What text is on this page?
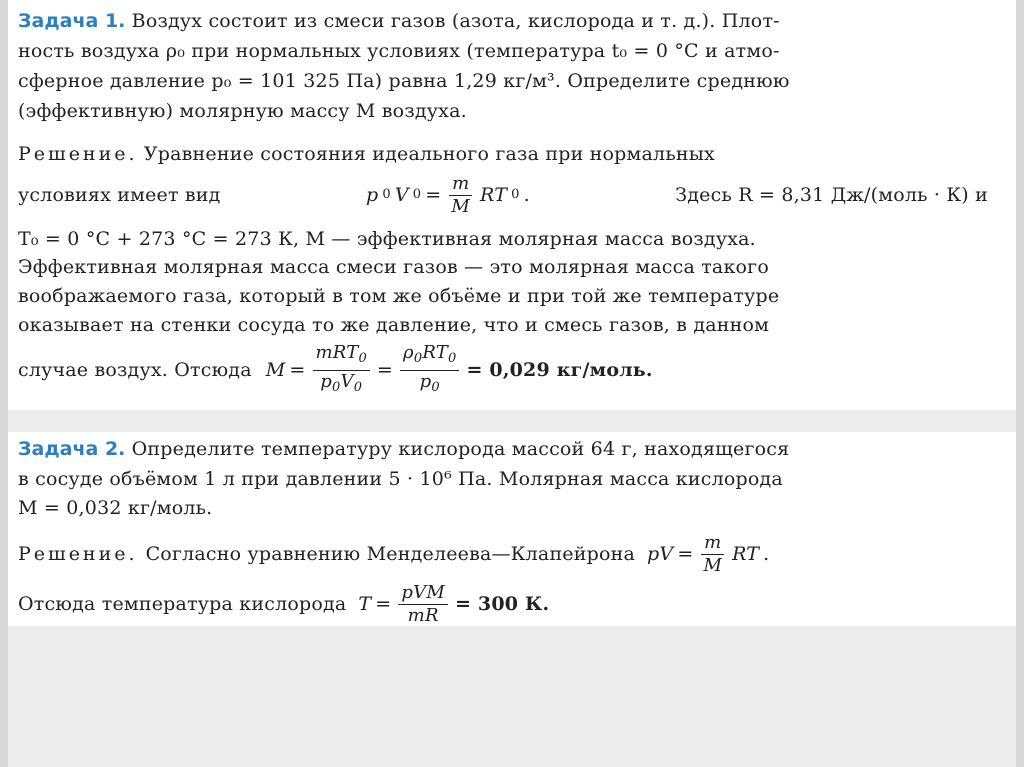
Задача 1. Воздух состоит из смеси газов (азота, кислорода и т. д.). Плот-
ность воздуха ρ₀ при нормальных условиях (температура t₀ = 0 °C и атмо-
сферное давление p₀ = 101 325 Па) равна 1,29 кг/м³. Определите среднюю
(эффективную) молярную массу M воздуха.
Решение. Уравнение состояния идеального газа при нормальных
условиях имеет вид	p 0 V $0 = \frac{m}{M}$ RT 0 .	Здесь R = 8,31 Дж/(моль · К) и
T₀ = 0 °C + 273 °C = 273 К, M — эффективная молярная масса воздуха.
Эффективная молярная масса смеси газов — это молярная масса такого
воображаемого газа, который в том же объёме и при той же температуре
оказывает на стенки сосуда то же давление, что и смесь газов, в данном
случае воздух. Отсюда $M = \frac{mRT_0}{p_0V_0} = \frac{\rho_0RT_0}{p_0} = 0,029$ кг/моль.
Задача 2. Определите температуру кислорода массой 64 г, находящегося
в сосуде объёмом 1 л при давлении 5 · 10⁶ Па. Молярная масса кислорода
M = 0,032 кг/моль.
Решение. Согласно уравнению Менделеева—Клапейрона pV = $\frac{m}{M}$ RT .
Отсюда температура кислорода $T = \frac{\text{pVM}}{mR} = 300$ К.
